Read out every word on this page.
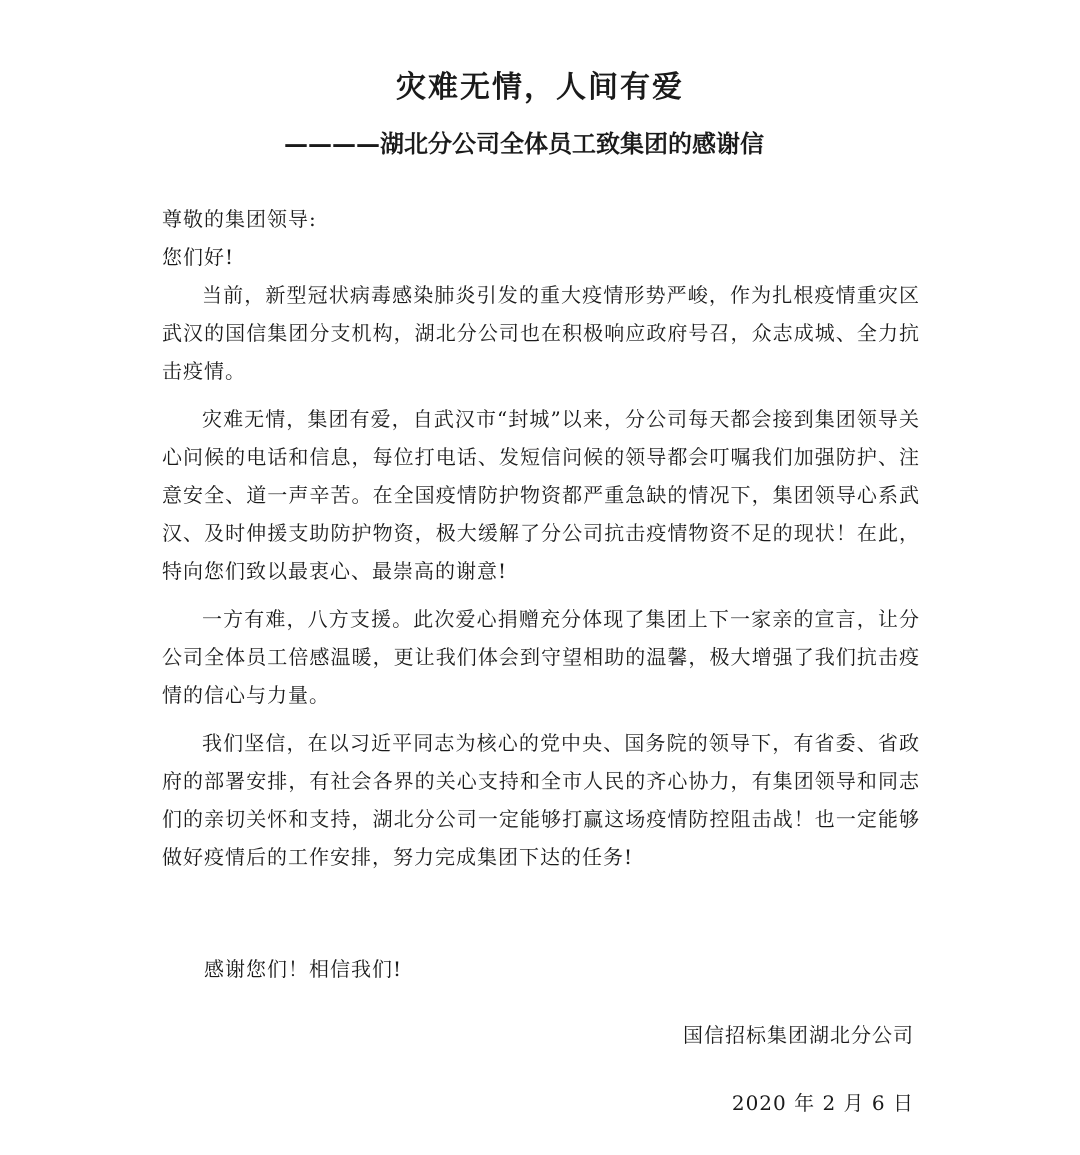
灾难无情，人间有爱
————湖北分公司全体员工致集团的感谢信

尊敬的集团领导:

您们好!

当前，新型冠状病毒感染肺炎引发的重大疫情形势严峻，作为扎根疫情重灾区武汉的国信集团分支机构，湖北分公司也在积极响应政府号召，众志成城、全力抗击疫情。

灾难无情，集团有爱，自武汉市“封城”以来，分公司每天都会接到集团领导关心问候的电话和信息，每位打电话、发短信问候的领导都会叮嘱我们加强防护、注意安全、道一声辛苦。在全国疫情防护物资都严重急缺的情况下，集团领导心系武汉、及时伸援支助防护物资，极大缓解了分公司抗击疫情物资不足的现状！在此，特向您们致以最衷心、最崇高的谢意!

一方有难，八方支援。此次爱心捐赠充分体现了集团上下一家亲的宣言，让分公司全体员工倍感温暖，更让我们体会到守望相助的温馨，极大增强了我们抗击疫情的信心与力量。

我们坚信，在以习近平同志为核心的党中央、国务院的领导下，有省委、省政府的部署安排，有社会各界的关心支持和全市人民的齐心协力，有集团领导和同志们的亲切关怀和支持，湖北分公司一定能够打赢这场疫情防控阻击战！也一定能够做好疫情后的工作安排，努力完成集团下达的任务!

感谢您们！相信我们!
国信招标集团湖北分公司
2020 年 2 月 6 日
